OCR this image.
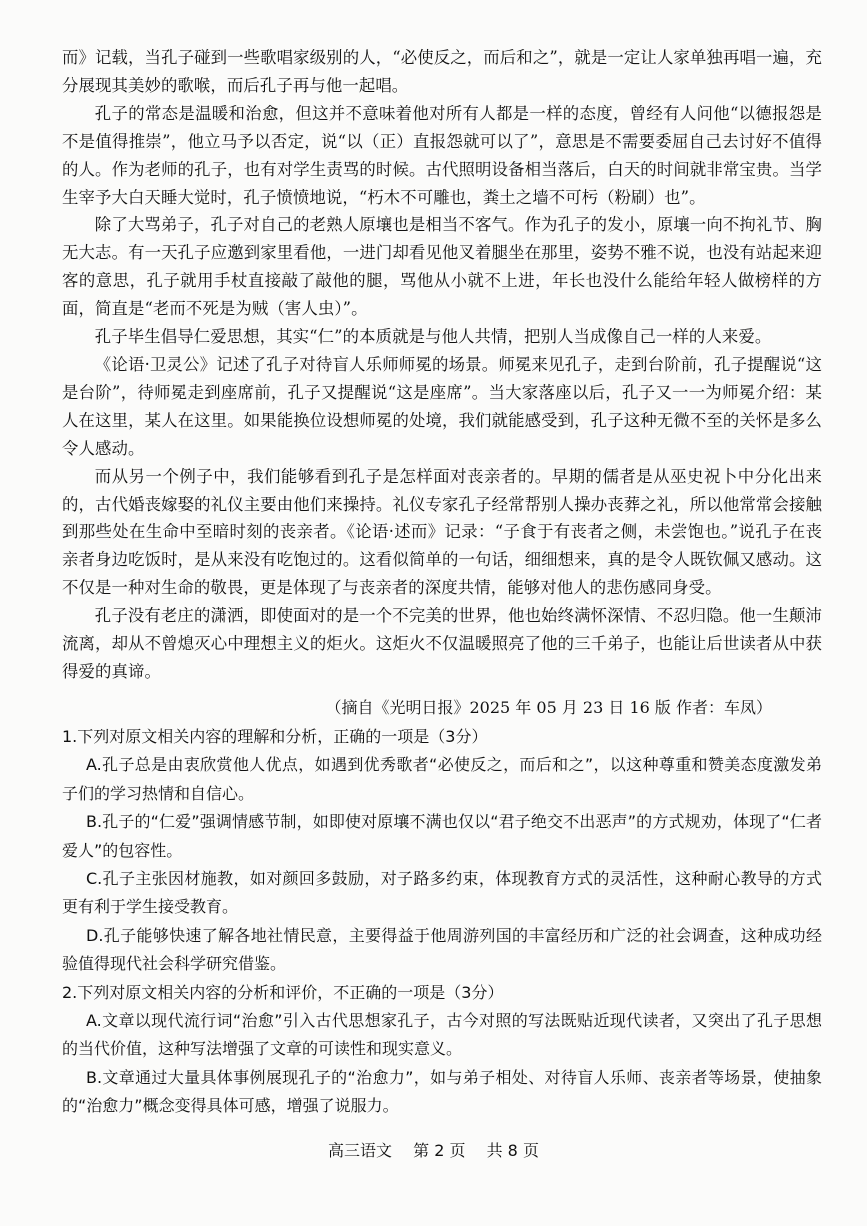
而》记载，当孔子碰到一些歌唱家级别的人，“必使反之，而后和之”，就是一定让人家单独再唱一遍，充分展现其美妙的歌喉，而后孔子再与他一起唱。

孔子的常态是温暖和治愈，但这并不意味着他对所有人都是一样的态度，曾经有人问他“以德报怨是不是值得推崇”，他立马予以否定，说“以（正）直报怨就可以了”，意思是不需要委屈自己去讨好不值得的人。作为老师的孔子，也有对学生责骂的时候。古代照明设备相当落后，白天的时间就非常宝贵。当学生宰予大白天睡大觉时，孔子愤愤地说，“朽木不可雕也，粪土之墙不可杇（粉刷）也”。

除了大骂弟子，孔子对自己的老熟人原壤也是相当不客气。作为孔子的发小，原壤一向不拘礼节、胸无大志。有一天孔子应邀到家里看他，一进门却看见他叉着腿坐在那里，姿势不雅不说，也没有站起来迎客的意思，孔子就用手杖直接敲了敲他的腿，骂他从小就不上进，年长也没什么能给年轻人做榜样的方面，简直是“老而不死是为贼（害人虫）”。

孔子毕生倡导仁爱思想，其实“仁”的本质就是与他人共情，把别人当成像自己一样的人来爱。

《论语·卫灵公》记述了孔子对待盲人乐师师冕的场景。师冕来见孔子，走到台阶前，孔子提醒说“这是台阶”，待师冕走到座席前，孔子又提醒说“这是座席”。当大家落座以后，孔子又一一为师冕介绍：某人在这里，某人在这里。如果能换位设想师冕的处境，我们就能感受到，孔子这种无微不至的关怀是多么令人感动。

而从另一个例子中，我们能够看到孔子是怎样面对丧亲者的。早期的儒者是从巫史祝卜中分化出来的，古代婚丧嫁娶的礼仪主要由他们来操持。礼仪专家孔子经常帮别人操办丧葬之礼，所以他常常会接触到那些处在生命中至暗时刻的丧亲者。《论语·述而》记录：“子食于有丧者之侧，未尝饱也。”说孔子在丧亲者身边吃饭时，是从来没有吃饱过的。这看似简单的一句话，细细想来，真的是令人既钦佩又感动。这不仅是一种对生命的敬畏，更是体现了与丧亲者的深度共情，能够对他人的悲伤感同身受。

孔子没有老庄的潇洒，即使面对的是一个不完美的世界，他也始终满怀深情、不忍归隐。他一生颠沛流离，却从不曾熄灭心中理想主义的炬火。这炬火不仅温暖照亮了他的三千弟子，也能让后世读者从中获得爱的真谛。

（摘自《光明日报》2025 年 05 月 23 日 16 版 作者：车凤）

1.下列对原文相关内容的理解和分析，正确的一项是（3分）

A.孔子总是由衷欣赏他人优点，如遇到优秀歌者“必使反之，而后和之”，以这种尊重和赞美态度激发弟子们的学习热情和自信心。

B.孔子的“仁爱”强调情感节制，如即使对原壤不满也仅以“君子绝交不出恶声”的方式规劝，体现了“仁者爱人”的包容性。

C.孔子主张因材施教，如对颜回多鼓励，对子路多约束，体现教育方式的灵活性，这种耐心教导的方式更有利于学生接受教育。

D.孔子能够快速了解各地社情民意，主要得益于他周游列国的丰富经历和广泛的社会调查，这种成功经验值得现代社会科学研究借鉴。

2.下列对原文相关内容的分析和评价，不正确的一项是（3分）

A.文章以现代流行词“治愈”引入古代思想家孔子，古今对照的写法既贴近现代读者，又突出了孔子思想的当代价值，这种写法增强了文章的可读性和现实意义。

B.文章通过大量具体事例展现孔子的“治愈力”，如与弟子相处、对待盲人乐师、丧亲者等场景，使抽象的“治愈力”概念变得具体可感，增强了说服力。

高三语文 第 2 页 共 8 页
